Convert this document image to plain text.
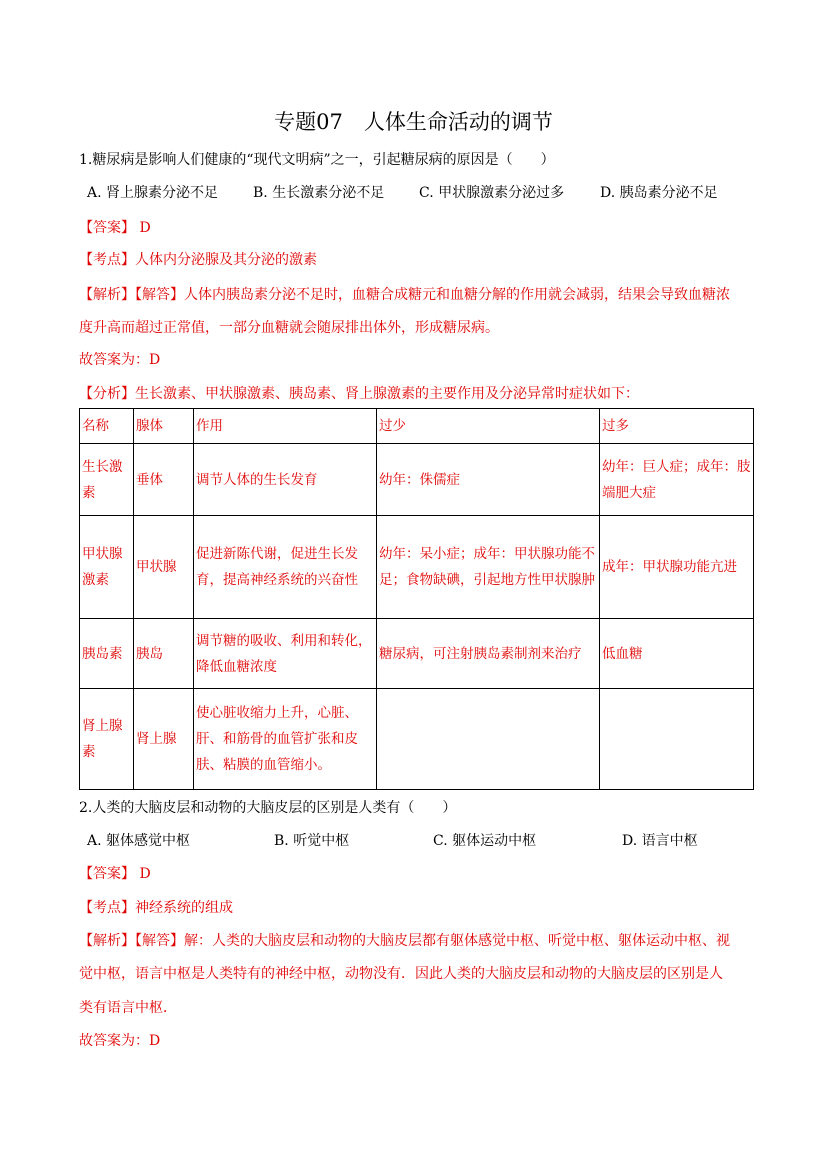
专题07　人体生命活动的调节
1.糖尿病是影响人们健康的“现代文明病”之一，引起糖尿病的原因是（　　）
A. 肾上腺素分泌不足 B. 生长激素分泌不足 C. 甲状腺激素分泌过多	D. 胰岛素分泌不足
【答案】 D
【考点】人体内分泌腺及其分泌的激素
【解析】【解答】人体内胰岛素分泌不足时，血糖合成糖元和血糖分解的作用就会减弱，结果会导致血糖浓
度升高而超过正常值，一部分血糖就会随尿排出体外，形成糖尿病。
故答案为：D
【分析】生长激素、甲状腺激素、胰岛素、肾上腺激素的主要作用及分泌异常时症状如下：
名称	腺体	作用	过少	过多
生长激素	垂体	调节人体的生长发育	幼年：侏儒症	幼年：巨人症；成年：肢端肥大症
甲状腺激素	甲状腺	促进新陈代谢，促进生长发育，提高神经系统的兴奋性	幼年：呆小症；成年：甲状腺功能不足；食物缺碘，引起地方性甲状腺肿	成年：甲状腺功能亢进
胰岛素	胰岛	调节糖的吸收、利用和转化，降低血糖浓度	糖尿病，可注射胰岛素制剂来治疗	低血糖
肾上腺素	肾上腺	使心脏收缩力上升，心脏、肝、和筋骨的血管扩张和皮肤、粘膜的血管缩小。		
2.人类的大脑皮层和动物的大脑皮层的区别是人类有（　　）
A. 躯体感觉中枢	B. 听觉中枢	C. 躯体运动中枢	D. 语言中枢
【答案】 D
【考点】神经系统的组成
【解析】【解答】解：人类的大脑皮层和动物的大脑皮层都有躯体感觉中枢、听觉中枢、躯体运动中枢、视
觉中枢，语言中枢是人类特有的神经中枢，动物没有．因此人类的大脑皮层和动物的大脑皮层的区别是人
类有语言中枢．
故答案为：D
